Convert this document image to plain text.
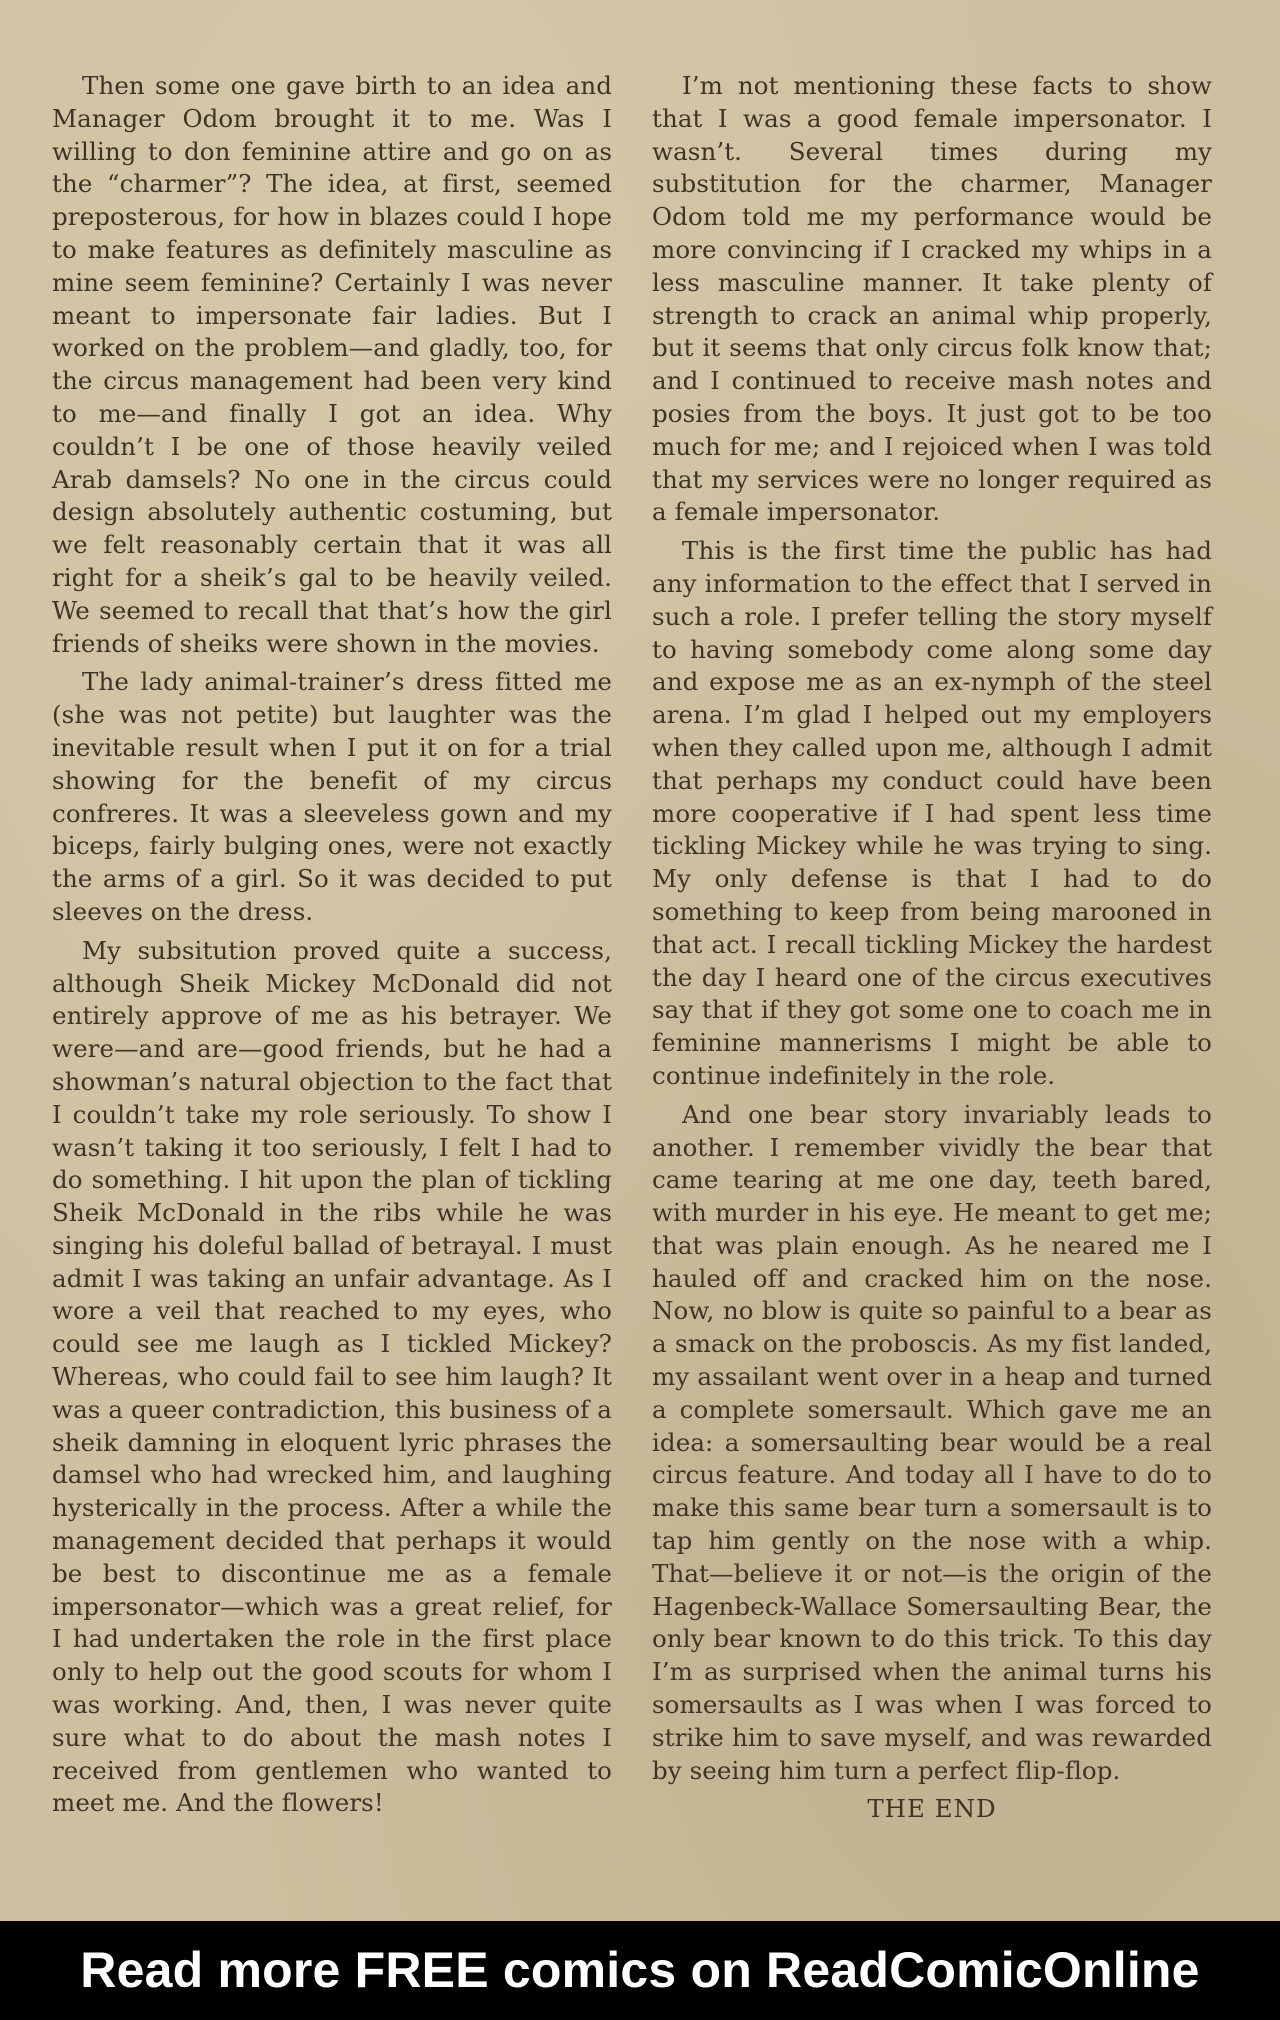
Then some one gave birth to an idea and Manager Odom brought it to me. Was I willing to don feminine attire and go on as the “charmer”? The idea, at first, seemed preposterous, for how in blazes could I hope to make features as definitely masculine as mine seem feminine? Certainly I was never meant to impersonate fair ladies. But I worked on the problem—and gladly, too, for the circus management had been very kind to me—and finally I got an idea. Why couldn’t I be one of those heavily veiled Arab damsels? No one in the circus could design absolutely authentic costuming, but we felt reasonably certain that it was all right for a sheik’s gal to be heavily veiled. We seemed to recall that that’s how the girl friends of sheiks were shown in the movies.

The lady animal-trainer’s dress fitted me (she was not petite) but laughter was the inevitable result when I put it on for a trial showing for the benefit of my circus confreres. It was a sleeveless gown and my biceps, fairly bulging ones, were not exactly the arms of a girl. So it was decided to put sleeves on the dress.

My subsitution proved quite a success, although Sheik Mickey McDonald did not entirely approve of me as his betrayer. We were—and are—good friends, but he had a showman’s natural objection to the fact that I couldn’t take my role seriously. To show I wasn’t taking it too seriously, I felt I had to do something. I hit upon the plan of tickling Sheik McDonald in the ribs while he was singing his doleful ballad of betrayal. I must admit I was taking an unfair advantage. As I wore a veil that reached to my eyes, who could see me laugh as I tickled Mickey? Whereas, who could fail to see him laugh? It was a queer contradiction, this business of a sheik damning in eloquent lyric phrases the damsel who had wrecked him, and laughing hysterically in the process. After a while the management decided that perhaps it would be best to discontinue me as a female impersonator—which was a great relief, for I had undertaken the role in the first place only to help out the good scouts for whom I was working. And, then, I was never quite sure what to do about the mash notes I received from gentlemen who wanted to meet me. And the flowers!

I’m not mentioning these facts to show that I was a good female impersonator. I wasn’t. Several times during my substitution for the charmer, Manager Odom told me my performance would be more convincing if I cracked my whips in a less masculine manner. It take plenty of strength to crack an animal whip properly, but it seems that only circus folk know that; and I continued to receive mash notes and posies from the boys. It just got to be too much for me; and I rejoiced when I was told that my services were no longer required as a female impersonator.

This is the first time the public has had any information to the effect that I served in such a role. I prefer telling the story myself to having somebody come along some day and expose me as an ex-nymph of the steel arena. I’m glad I helped out my employers when they called upon me, although I admit that perhaps my conduct could have been more cooperative if I had spent less time tickling Mickey while he was trying to sing. My only defense is that I had to do something to keep from being marooned in that act. I recall tickling Mickey the hardest the day I heard one of the circus executives say that if they got some one to coach me in feminine mannerisms I might be able to continue indefinitely in the role.

And one bear story invariably leads to another. I remember vividly the bear that came tearing at me one day, teeth bared, with murder in his eye. He meant to get me; that was plain enough. As he neared me I hauled off and cracked him on the nose. Now, no blow is quite so painful to a bear as a smack on the proboscis. As my fist landed, my assailant went over in a heap and turned a complete somersault. Which gave me an idea: a somersaulting bear would be a real circus feature. And today all I have to do to make this same bear turn a somersault is to tap him gently on the nose with a whip. That—believe it or not—is the origin of the Hagenbeck-Wallace Somersaulting Bear, the only bear known to do this trick. To this day I’m as surprised when the animal turns his somersaults as I was when I was forced to strike him to save myself, and was rewarded by seeing him turn a perfect flip-flop.

THE END

Read more FREE comics on ReadComicOnline
